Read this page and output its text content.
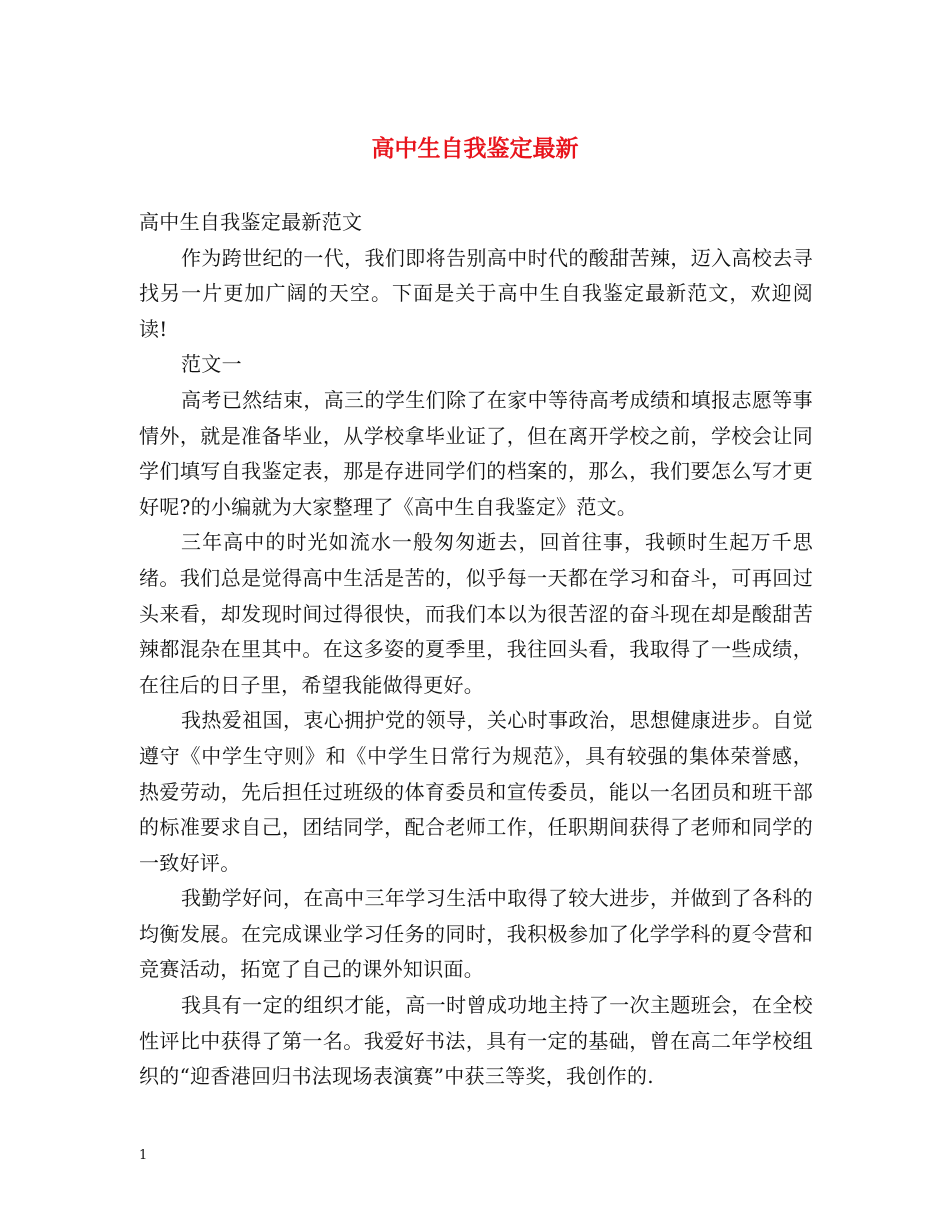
高中生自我鉴定最新

高中生自我鉴定最新范文

作为跨世纪的一代，我们即将告别高中时代的酸甜苦辣，迈入高校去寻找另一片更加广阔的天空。下面是关于高中生自我鉴定最新范文，欢迎阅读!

范文一

高考已然结束，高三的学生们除了在家中等待高考成绩和填报志愿等事情外，就是准备毕业，从学校拿毕业证了，但在离开学校之前，学校会让同学们填写自我鉴定表，那是存进同学们的档案的，那么，我们要怎么写才更好呢?的小编就为大家整理了《高中生自我鉴定》范文。

三年高中的时光如流水一般匆匆逝去，回首往事，我顿时生起万千思绪。我们总是觉得高中生活是苦的，似乎每一天都在学习和奋斗，可再回过头来看，却发现时间过得很快，而我们本以为很苦涩的奋斗现在却是酸甜苦辣都混杂在里其中。在这多姿的夏季里，我往回头看，我取得了一些成绩，在往后的日子里，希望我能做得更好。

我热爱祖国，衷心拥护党的领导，关心时事政治，思想健康进步。自觉遵守《中学生守则》和《中学生日常行为规范》，具有较强的集体荣誉感，热爱劳动，先后担任过班级的体育委员和宣传委员，能以一名团员和班干部的标准要求自己，团结同学，配合老师工作，任职期间获得了老师和同学的一致好评。

我勤学好问，在高中三年学习生活中取得了较大进步，并做到了各科的均衡发展。在完成课业学习任务的同时，我积极参加了化学学科的夏令营和竞赛活动，拓宽了自己的课外知识面。

我具有一定的组织才能，高一时曾成功地主持了一次主题班会，在全校性评比中获得了第一名。我爱好书法，具有一定的基础，曾在高二年学校组织的“迎香港回归书法现场表演赛”中获三等奖，我创作的.

1
